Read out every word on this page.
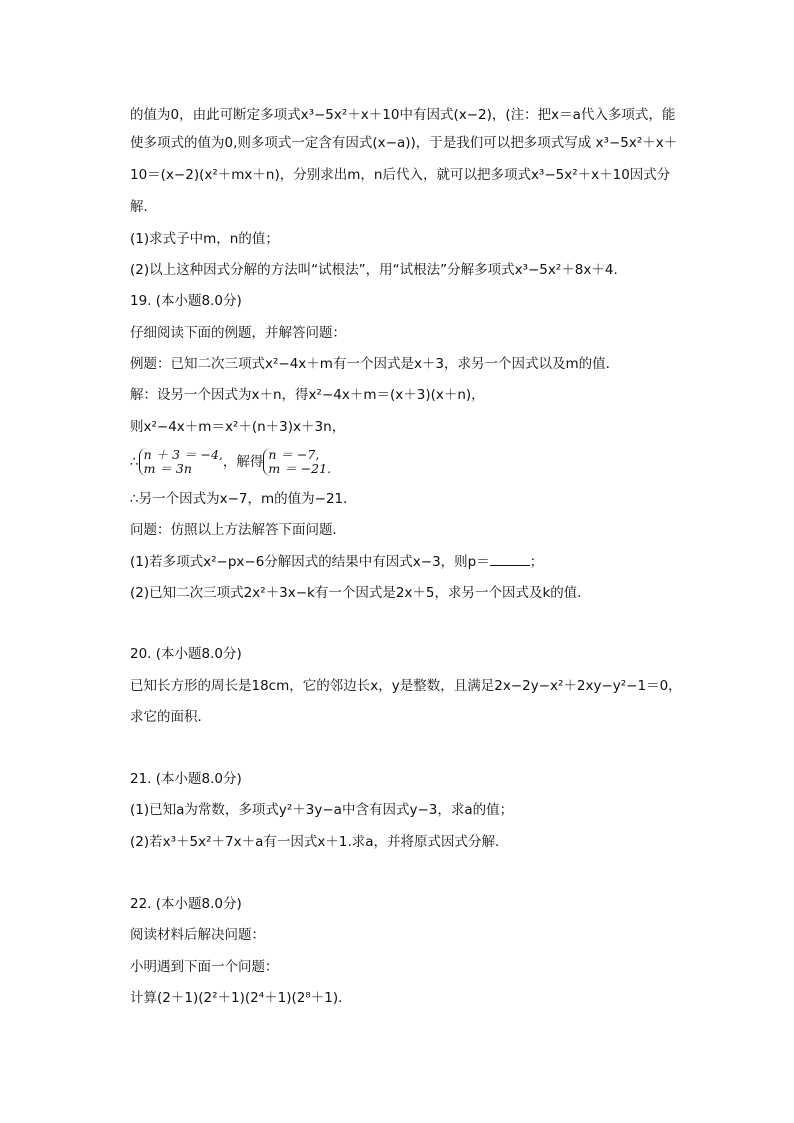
的值为0，由此可断定多项式x³−5x²＋x＋10中有因式(x−2)，(注：把x＝a代入多项式，能
使多项式的值为0,则多项式一定含有因式(x−a))，于是我们可以把多项式写成 x³−5x²＋x＋
10＝(x−2)(x²＋mx＋n)，分别求出m，n后代入，就可以把多项式x³−5x²＋x＋10因式分
解．
(1)求式子中m，n的值；
(2)以上这种因式分解的方法叫“试根法”，用“试根法”分解多项式x³−5x²＋8x＋4．
19. (本小题8.0分)
仔细阅读下面的例题，并解答问题：
例题：已知二次三项式x²−4x＋m有一个因式是x＋3，求另一个因式以及m的值．
解：设另一个因式为x＋n，得x²−4x＋m＝(x＋3)(x＋n)，
则x²−4x＋m＝x²＋(n＋3)x＋3n，
∴ n ＋ 3 ＝ −4,
m ＝ 3n ，解得 n ＝ −7,
m ＝ −21.
∴另一个因式为x−7，m的值为−21．
问题：仿照以上方法解答下面问题．
(1)若多项式x²−px−6分解因式的结果中有因式x−3，则p＝	；
(2)已知二次三项式2x²＋3x−k有一个因式是2x＋5，求另一个因式及k的值．
20. (本小题8.0分)
已知长方形的周长是18cm，它的邻边长x，y是整数，且满足2x−2y−x²＋2xy−y²−1＝0，
求它的面积．
21. (本小题8.0分)
(1)已知a为常数，多项式y²＋3y−a中含有因式y−3，求a的值；
(2)若x³＋5x²＋7x＋a有一因式x＋1.求a，并将原式因式分解．
22. (本小题8.0分)
阅读材料后解决问题：
小明遇到下面一个问题：
计算(2＋1)(2²＋1)(2⁴＋1)(2⁸＋1)．
